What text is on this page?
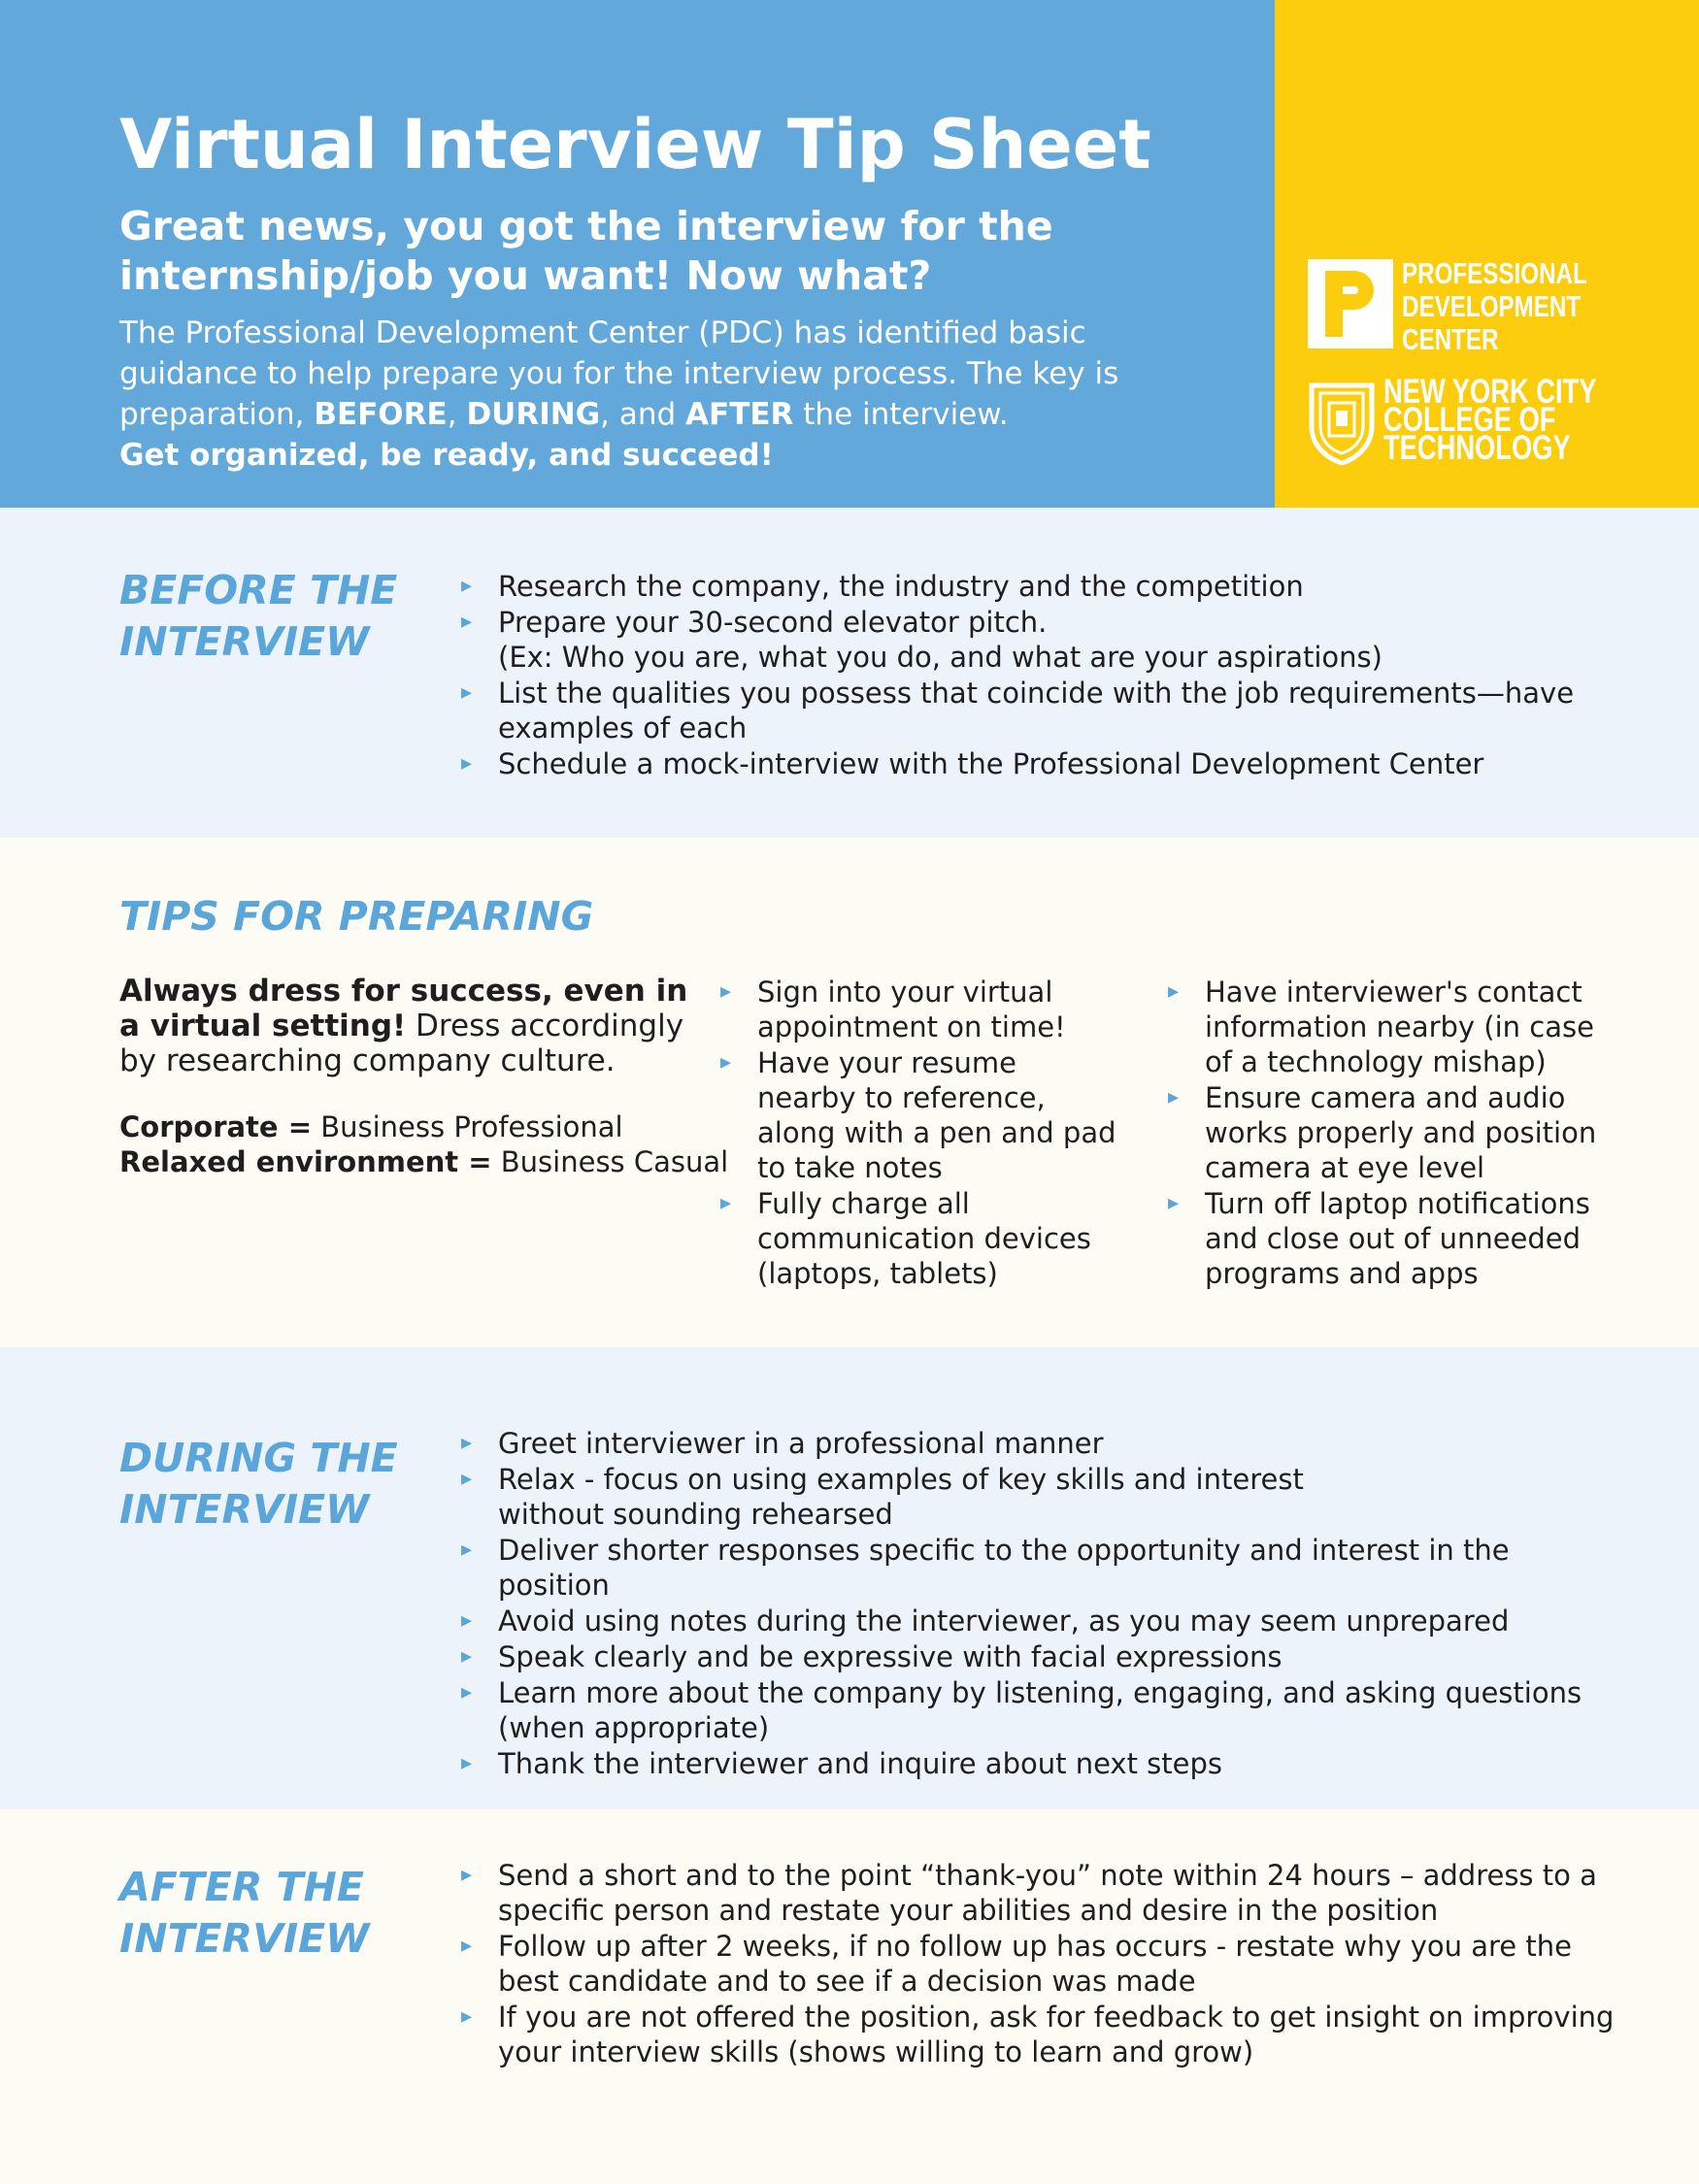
Virtual Interview Tip Sheet

Great news, you got the interview for the internship/job you want! Now what?

The Professional Development Center (PDC) has identified basic guidance to help prepare you for the interview process. The key is preparation, BEFORE, DURING, and AFTER the interview.

Get organized, be ready, and succeed!

PROFESSIONAL
DEVELOPMENT
CENTER

NEW YORK CITY
COLLEGE OF
TECHNOLOGY

BEFORE THE
INTERVIEW
▸ Research the company, the industry and the competition
▸ Prepare your 30-second elevator pitch.
(Ex: Who you are, what you do, and what are your aspirations)
▸ List the qualities you possess that coincide with the job requirements—have examples of each
▸ Schedule a mock-interview with the Professional Development Center
TIPS FOR PREPARING

Always dress for success, even in a virtual setting! Dress accordingly by researching company culture.

Corporate = Business Professional

Relaxed environment = Business Casual

▸ Sign into your virtual appointment on time!
▸ Have your resume nearby to reference, along with a pen and pad to take notes
▸ Fully charge all communication devices (laptops, tablets)
▸ Have interviewer's contact information nearby (in case of a technology mishap)
▸ Ensure camera and audio works properly and position camera at eye level
▸ Turn off laptop notifications and close out of unneeded programs and apps
DURING THE
INTERVIEW
▸ Greet interviewer in a professional manner
▸ Relax - focus on using examples of key skills and interest without sounding rehearsed
▸ Deliver shorter responses specific to the opportunity and interest in the position
▸ Avoid using notes during the interviewer, as you may seem unprepared
▸ Speak clearly and be expressive with facial expressions
▸ Learn more about the company by listening, engaging, and asking questions (when appropriate)
▸ Thank the interviewer and inquire about next steps
AFTER THE
INTERVIEW
▸ Send a short and to the point “thank-you” note within 24 hours – address to a specific person and restate your abilities and desire in the position
▸ Follow up after 2 weeks, if no follow up has occurs - restate why you are the best candidate and to see if a decision was made
▸ If you are not offered the position, ask for feedback to get insight on improving your interview skills (shows willing to learn and grow)
